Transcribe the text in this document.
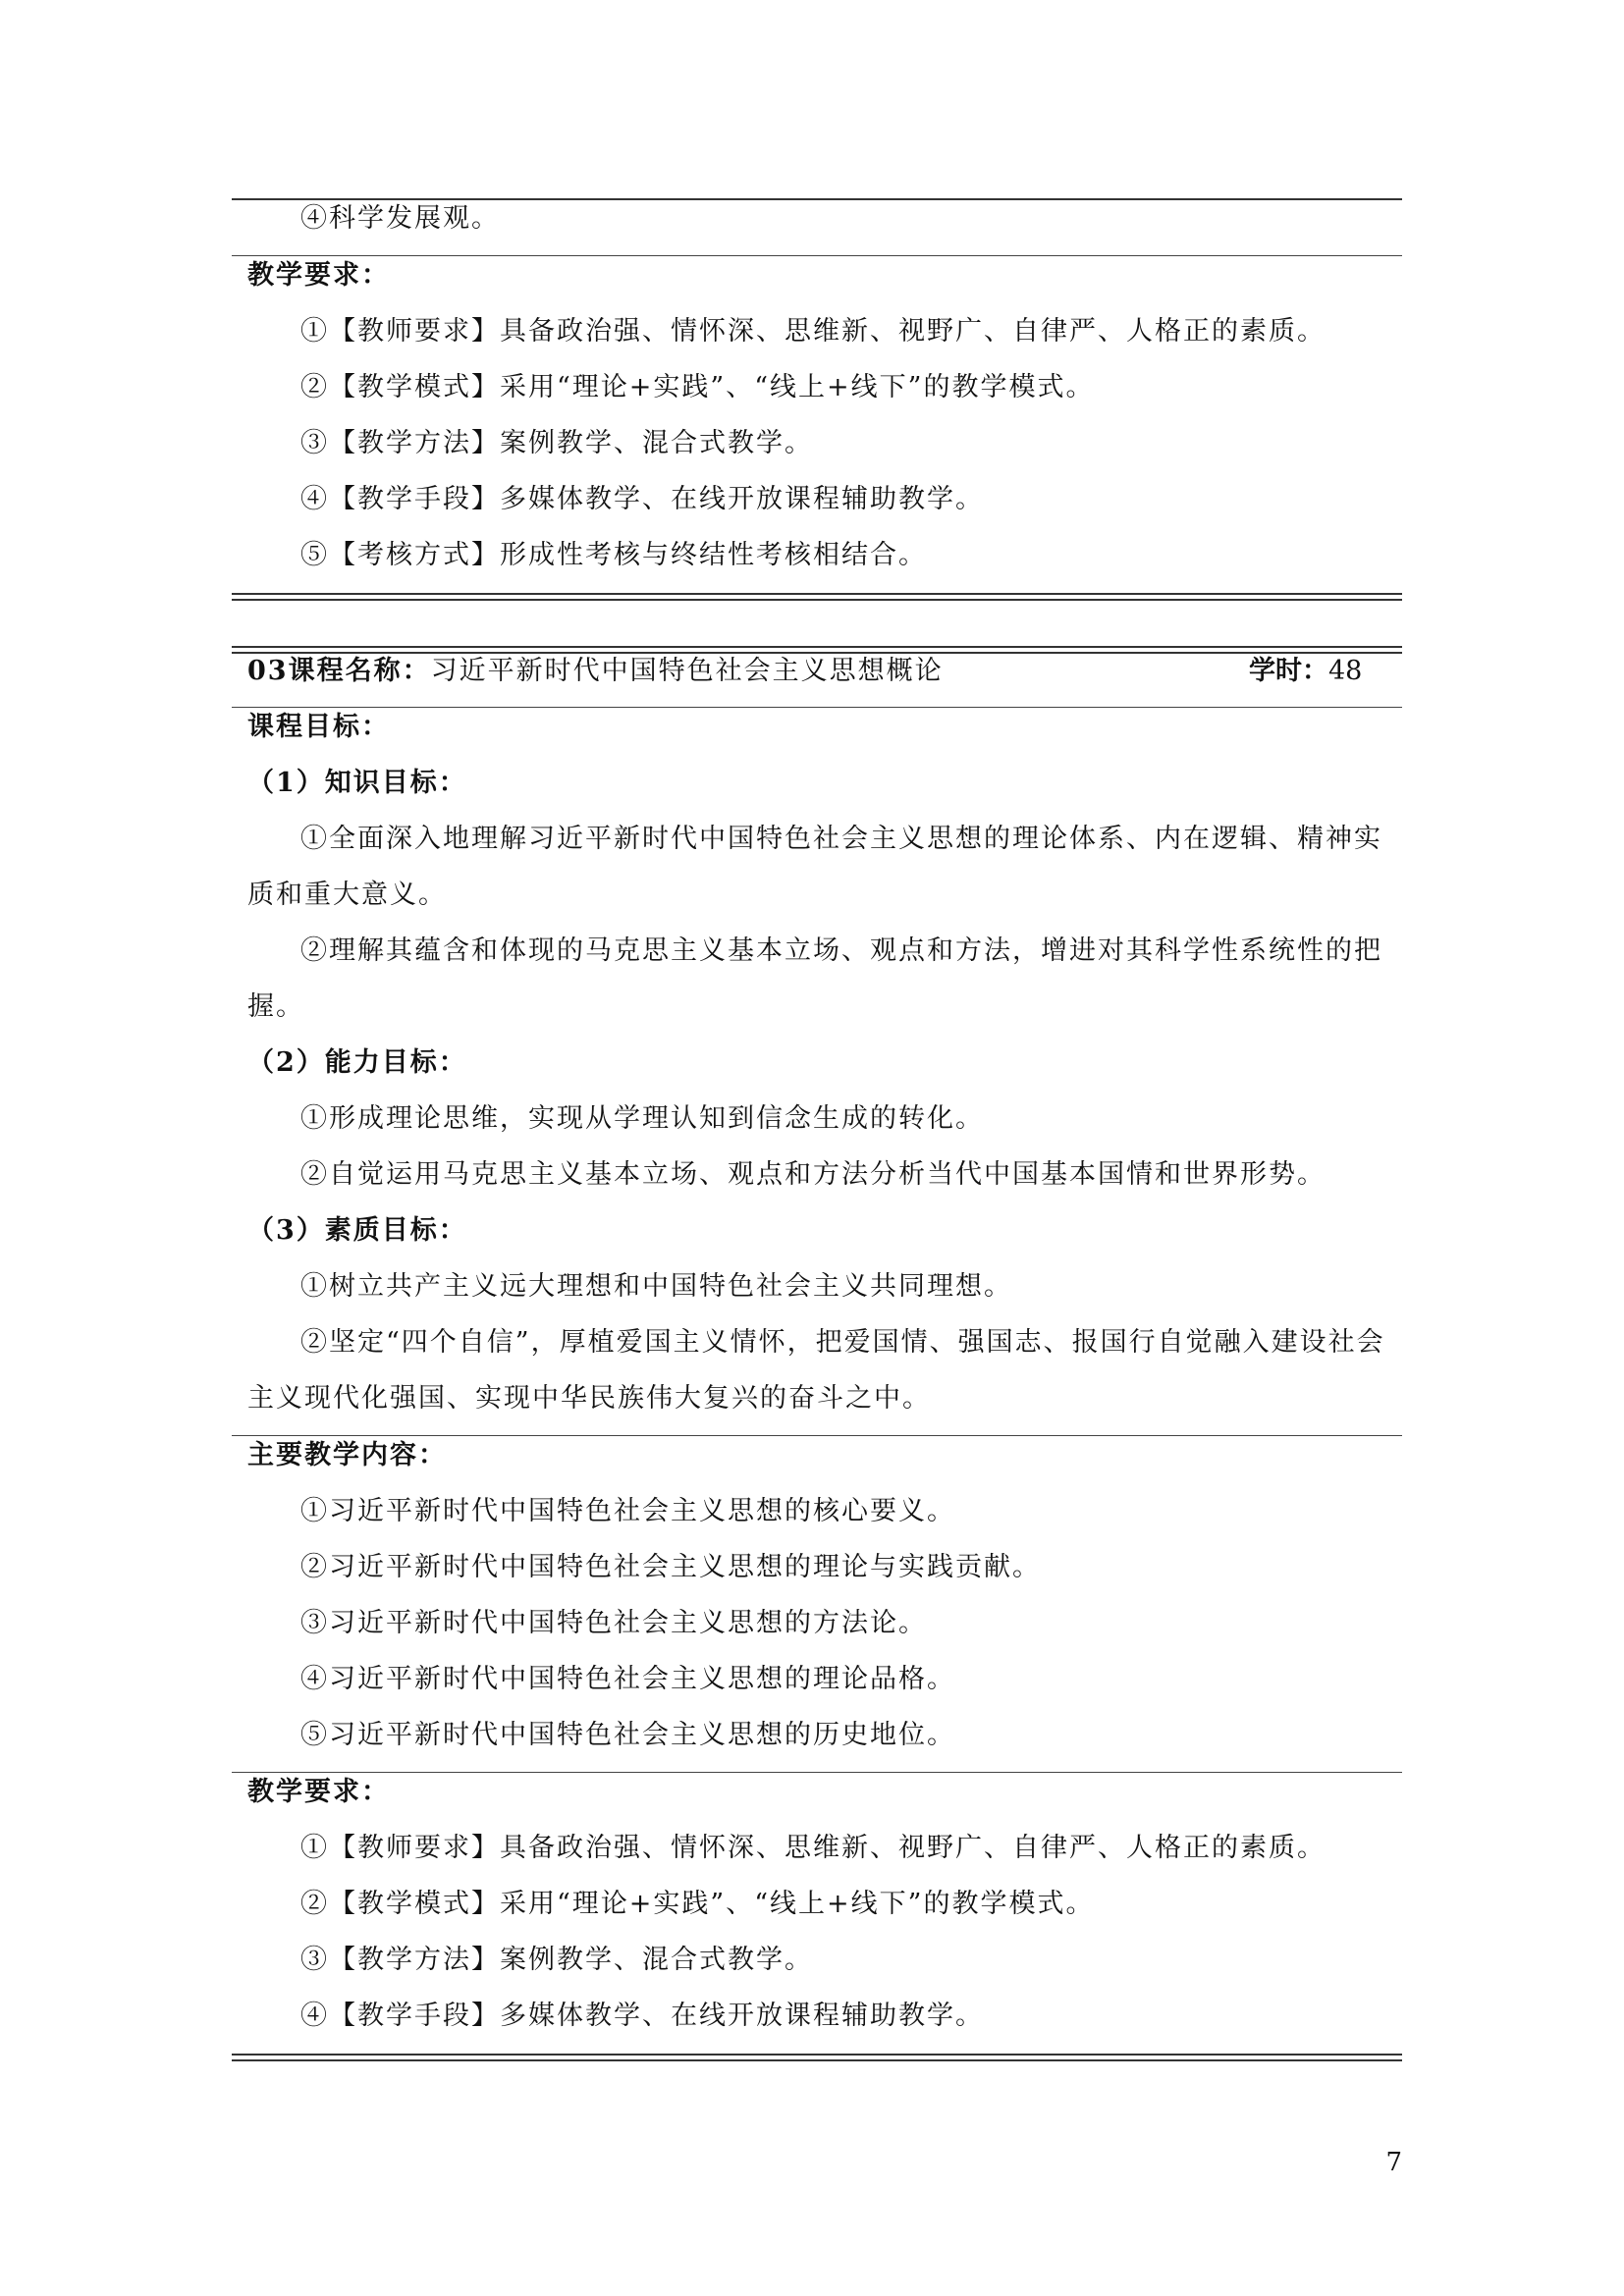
④科学发展观。
教学要求：
①【教师要求】具备政治强、情怀深、思维新、视野广、自律严、人格正的素质。
②【教学模式】采用“理论+实践”、“线上+线下”的教学模式。
③【教学方法】案例教学、混合式教学。
④【教学手段】多媒体教学、在线开放课程辅助教学。
⑤【考核方式】形成性考核与终结性考核相结合。
03课程名称：习近平新时代中国特色社会主义思想概论	学时：48
课程目标：
（1）知识目标：
①全面深入地理解习近平新时代中国特色社会主义思想的理论体系、内在逻辑、精神实
质和重大意义。
②理解其蕴含和体现的马克思主义基本立场、观点和方法，增进对其科学性系统性的把
握。
（2）能力目标：
①形成理论思维，实现从学理认知到信念生成的转化。
②自觉运用马克思主义基本立场、观点和方法分析当代中国基本国情和世界形势。
（3）素质目标：
①树立共产主义远大理想和中国特色社会主义共同理想。
②坚定“四个自信”，厚植爱国主义情怀，把爱国情、强国志、报国行自觉融入建设社会
主义现代化强国、实现中华民族伟大复兴的奋斗之中。
主要教学内容：
①习近平新时代中国特色社会主义思想的核心要义。
②习近平新时代中国特色社会主义思想的理论与实践贡献。
③习近平新时代中国特色社会主义思想的方法论。
④习近平新时代中国特色社会主义思想的理论品格。
⑤习近平新时代中国特色社会主义思想的历史地位。
教学要求：
①【教师要求】具备政治强、情怀深、思维新、视野广、自律严、人格正的素质。
②【教学模式】采用“理论+实践”、“线上+线下”的教学模式。
③【教学方法】案例教学、混合式教学。
④【教学手段】多媒体教学、在线开放课程辅助教学。
7
